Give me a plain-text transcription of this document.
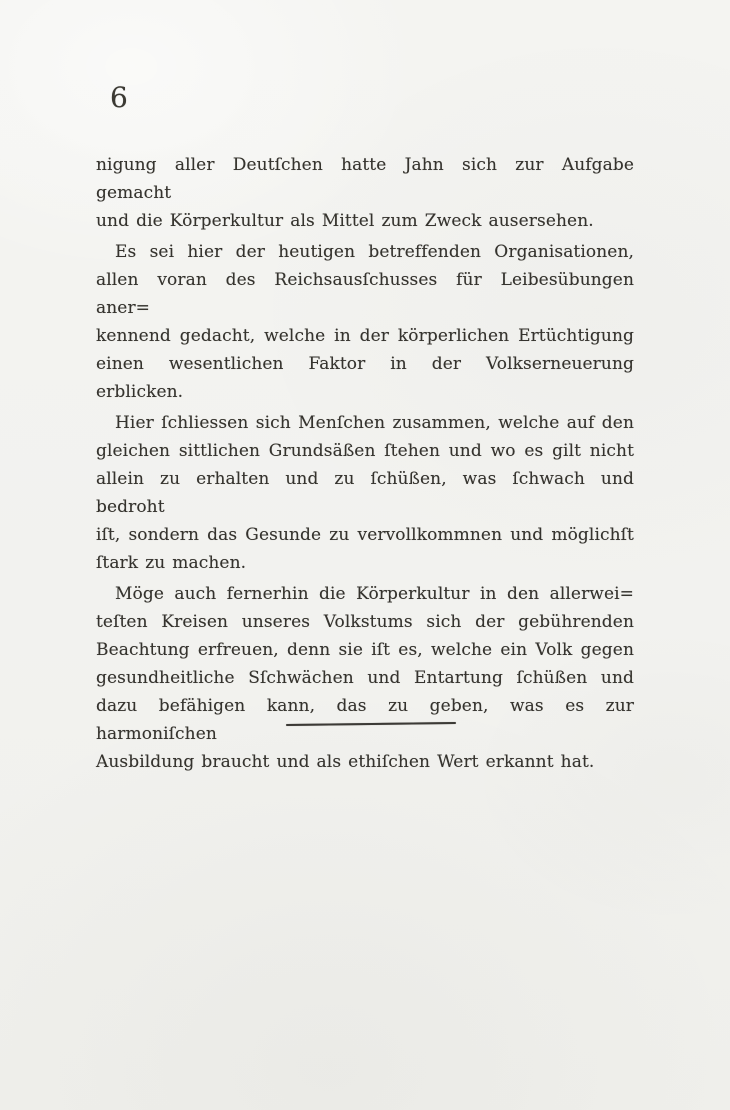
6
nigung aller Deutſchen hatte Jahn sich zur Aufgabe gemacht
und die Körperkultur als Mittel zum Zweck ausersehen.
Es sei hier der heutigen betreffenden Organisationen,
allen voran des Reichsausſchusses für Leibesübungen aner=
kennend gedacht, welche in der körperlichen Ertüchtigung
einen wesentlichen Faktor in der Volkserneuerung erblicken.
Hier ſchliessen sich Menſchen zusammen, welche auf den
gleichen sittlichen Grundsäßen ſtehen und wo es gilt nicht
allein zu erhalten und zu ſchüßen, was ſchwach und bedroht
iſt, sondern das Gesunde zu vervollkommnen und möglichſt
ſtark zu machen.
Möge auch fernerhin die Körperkultur in den allerwei=
teſten Kreisen unseres Volkstums sich der gebührenden
Beachtung erfreuen, denn sie iſt es, welche ein Volk gegen
gesundheitliche Sſchwächen und Entartung ſchüßen und
dazu befähigen kann, das zu geben, was es zur harmoniſchen
Ausbildung braucht und als ethiſchen Wert erkannt hat.
